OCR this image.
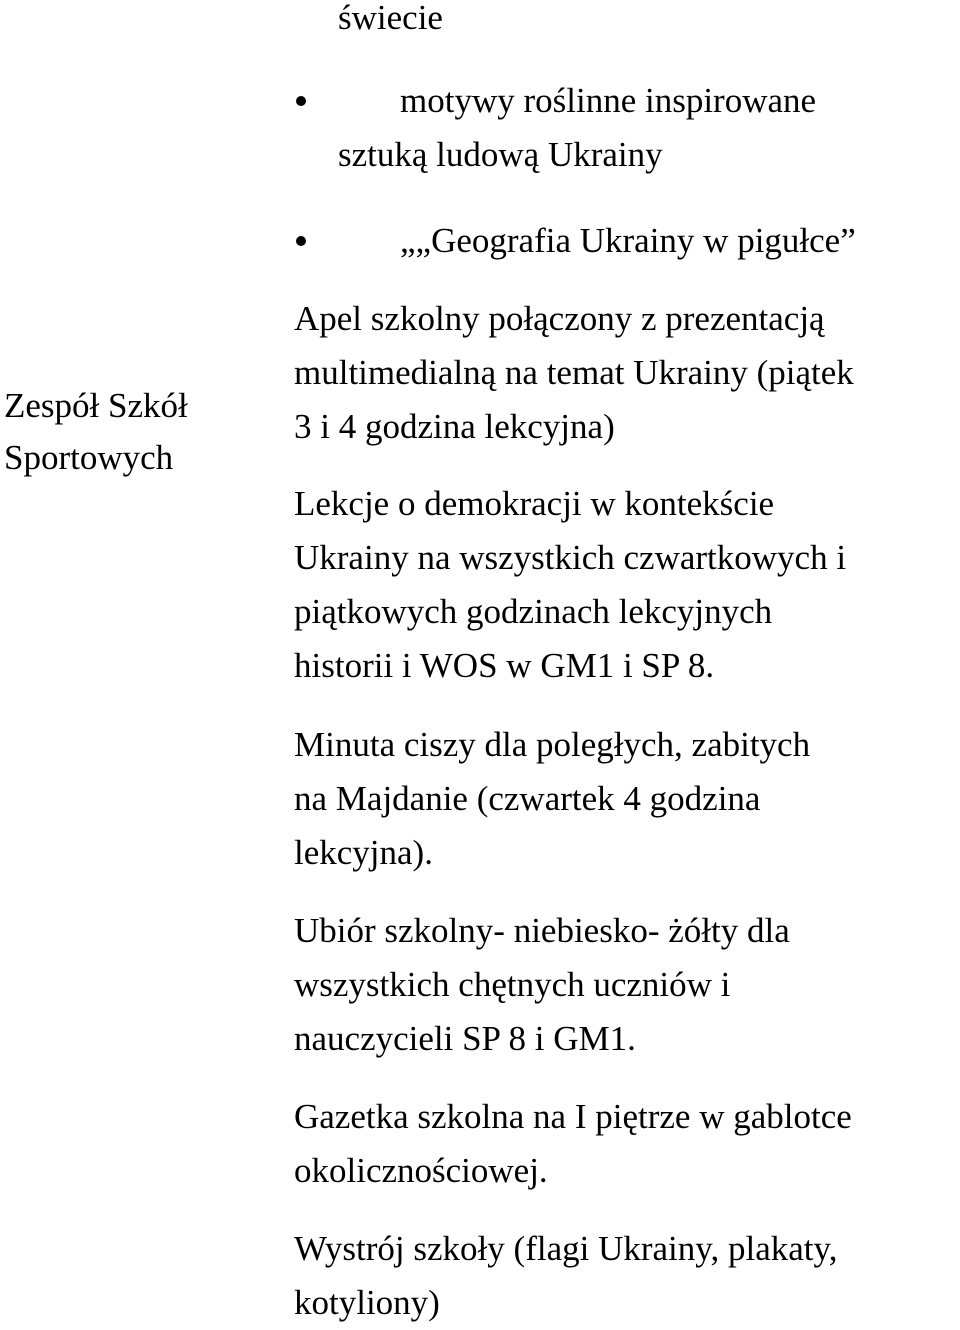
Zespół Szkół
Sportowych
świecie
motywy roślinne inspirowane
sztuką ludową Ukrainy
„„Geografia Ukrainy w pigułce”
Apel szkolny połączony z prezentacją
multimedialną na temat Ukrainy (piątek
3 i 4 godzina lekcyjna)
Lekcje o demokracji w kontekście
Ukrainy na wszystkich czwartkowych i
piątkowych godzinach lekcyjnych
historii i WOS w GM1 i SP 8.
Minuta ciszy dla poległych, zabitych
na Majdanie (czwartek 4 godzina
lekcyjna).
Ubiór szkolny- niebiesko- żółty dla
wszystkich chętnych uczniów i
nauczycieli SP 8 i GM1.
Gazetka szkolna na I piętrze w gablotce
okolicznościowej.
Wystrój szkoły (flagi Ukrainy, plakaty,
kotyliony)
